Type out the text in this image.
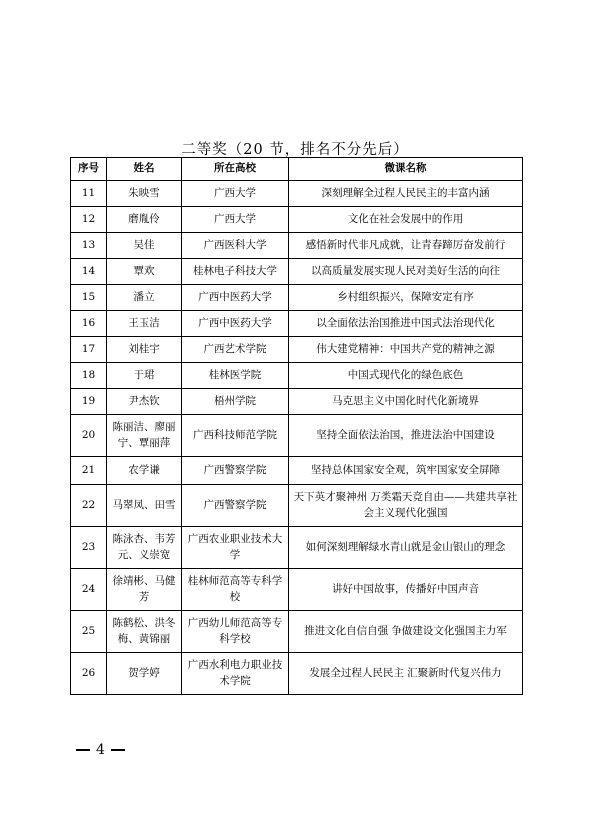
二等奖（20 节，排名不分先后）
序号	姓名	所在高校	微课名称
11	朱映雪	广西大学	深刻理解全过程人民民主的丰富内涵
12	磨胤伶	广西大学	文化在社会发展中的作用
13	吴佳	广西医科大学	感悟新时代非凡成就，让青春蹄厉奋发前行
14	覃欢	桂林电子科技大学	以高质量发展实现人民对美好生活的向往
15	潘立	广西中医药大学	乡村组织振兴，保障安定有序
16	王玉洁	广西中医药大学	以全面依法治国推进中国式法治现代化
17	刘桂宇	广西艺术学院	伟大建党精神：中国共产党的精神之源
18	于珺	桂林医学院	中国式现代化的绿色底色
19	尹杰钦	梧州学院	马克思主义中国化时代化新境界
20	陈丽洁、廖丽宁、覃丽萍	广西科技师范学院	坚持全面依法治国，推进法治中国建设
21	农学谦	广西警察学院	坚持总体国家安全观，筑牢国家安全屏障
22	马翠凤、田雪	广西警察学院	天下英才聚神州 万类霜天竞自由——共建共享社会主义现代化强国
23	陈泳杏、韦芳元、义崇宽	广西农业职业技术大学	如何深刻理解绿水青山就是金山银山的理念
24	徐靖彬、马健芳	桂林师范高等专科学校	讲好中国故事，传播好中国声音
25	陈鹤松、洪冬梅、黄锦丽	广西幼儿师范高等专科学校	推进文化自信自强 争做建设文化强国主力军
26	贺学婷	广西水利电力职业技术学院	发展全过程人民民主 汇聚新时代复兴伟力
4
